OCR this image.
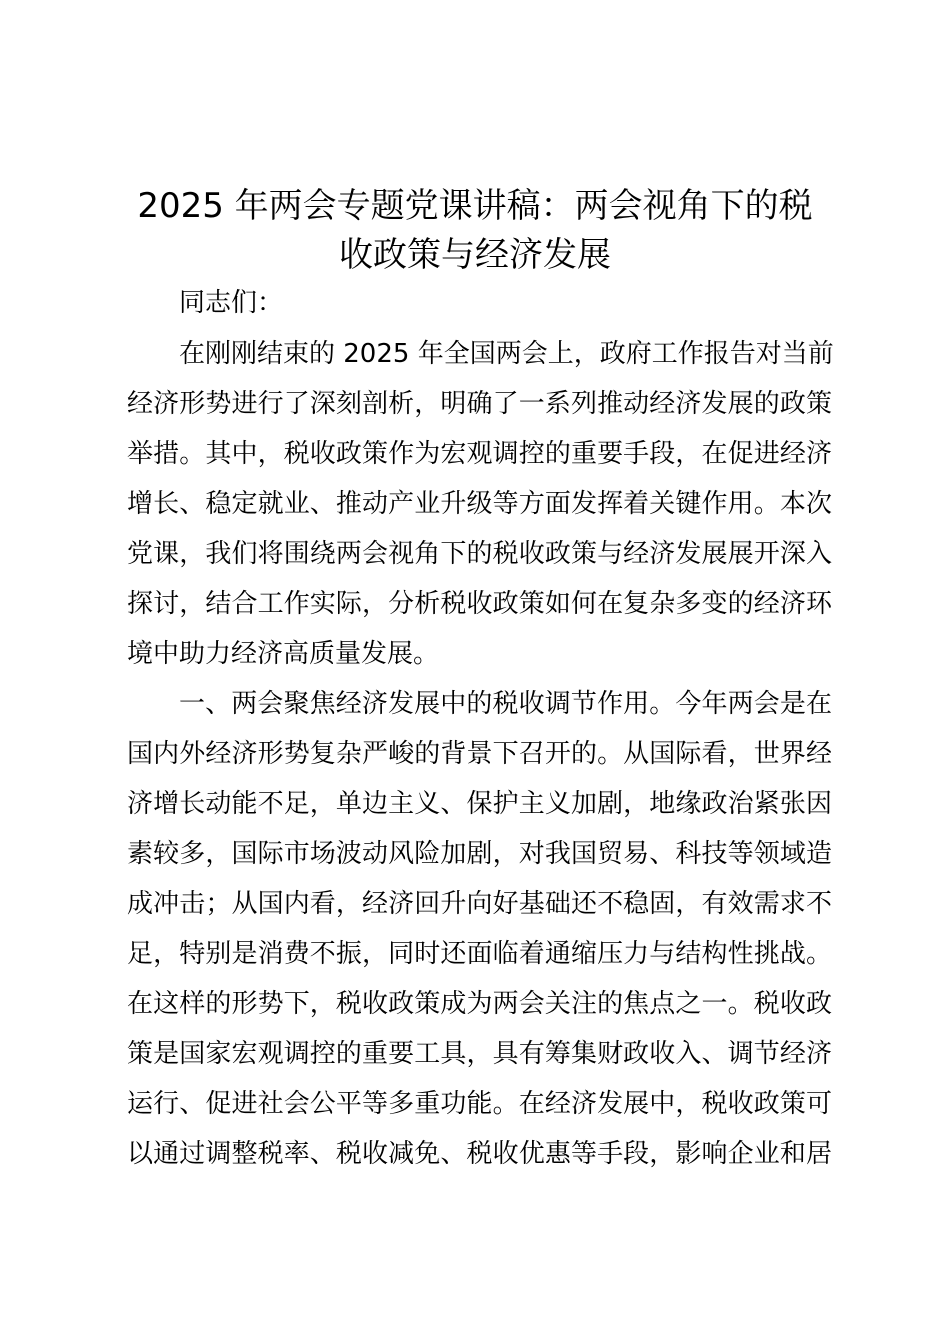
2025 年两会专题党课讲稿：两会视角下的税
收政策与经济发展

同志们：

在刚刚结束的 2025 年全国两会上，政府工作报告对当前

经济形势进行了深刻剖析，明确了一系列推动经济发展的政策

举措。其中，税收政策作为宏观调控的重要手段，在促进经济

增长、稳定就业、推动产业升级等方面发挥着关键作用。本次

党课，我们将围绕两会视角下的税收政策与经济发展展开深入

探讨，结合工作实际，分析税收政策如何在复杂多变的经济环

境中助力经济高质量发展。

一、两会聚焦经济发展中的税收调节作用。今年两会是在

国内外经济形势复杂严峻的背景下召开的。从国际看，世界经

济增长动能不足，单边主义、保护主义加剧，地缘政治紧张因

素较多，国际市场波动风险加剧，对我国贸易、科技等领域造

成冲击；从国内看，经济回升向好基础还不稳固，有效需求不

足，特别是消费不振，同时还面临着通缩压力与结构性挑战。

在这样的形势下，税收政策成为两会关注的焦点之一。税收政

策是国家宏观调控的重要工具，具有筹集财政收入、调节经济

运行、促进社会公平等多重功能。在经济发展中，税收政策可

以通过调整税率、税收减免、税收优惠等手段，影响企业和居
